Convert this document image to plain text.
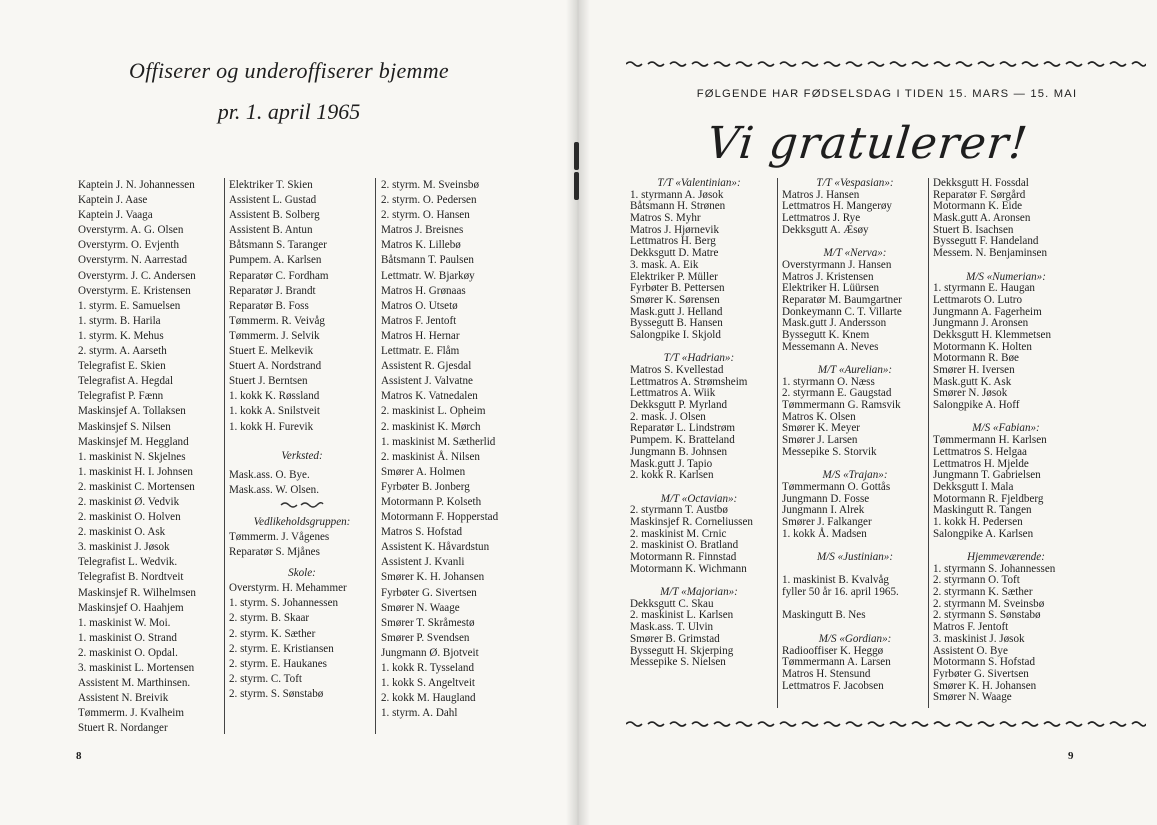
Offiserer og underoffiserer bjemme
pr. 1. april 1965
Kaptein J. N. Johannessen
Kaptein J. Aase
Kaptein J. Vaaga
Overstyrm. A. G. Olsen
Overstyrm. O. Evjenth
Overstyrm. N. Aarrestad
Overstyrm. J. C. Andersen
Overstyrm. E. Kristensen
1. styrm. E. Samuelsen
1. styrm. B. Harila
1. styrm. K. Mehus
2. styrm. A. Aarseth
Telegrafist E. Skien
Telegrafist A. Hegdal
Telegrafist P. Fænn
Maskinsjef A. Tollaksen
Maskinsjef S. Nilsen
Maskinsjef M. Heggland
1. maskinist N. Skjelnes
1. maskinist H. I. Johnsen
2. maskinist C. Mortensen
2. maskinist Ø. Vedvik
2. maskinist O. Holven
2. maskinist O. Ask
3. maskinist J. Jøsok
Telegrafist L. Wedvik.
Telegrafist B. Nordtveit
Maskinsjef R. Wilhelmsen
Maskinsjef O. Haahjem
1. maskinist W. Moi.
1. maskinist O. Strand
2. maskinist O. Opdal.
3. maskinist L. Mortensen
Assistent M. Marthinsen.
Assistent N. Breivik
Tømmerm. J. Kvalheim
Stuert R. Nordanger
Elektriker T. Skien
Assistent L. Gustad
Assistent B. Solberg
Assistent B. Antun
Båtsmann S. Taranger
Pumpem. A. Karlsen
Reparatør C. Fordham
Reparatør J. Brandt
Reparatør B. Foss
Tømmerm. R. Veivåg
Tømmerm. J. Selvik
Stuert E. Melkevik
Stuert A. Nordstrand
Stuert J. Berntsen
1. kokk K. Røssland
1. kokk A. Snilstveit
1. kokk H. Furevik
Verksted:
Mask.ass. O. Bye.
Mask.ass. W. Olsen.
Vedlikeholdsgruppen:
Tømmerm. J. Vågenes
Reparatør S. Mjånes
Skole:
Overstyrm. H. Mehammer
1. styrm. S. Johannessen
2. styrm. B. Skaar
2. styrm. K. Sæther
2. styrm. E. Kristiansen
2. styrm. E. Haukanes
2. styrm. C. Toft
2. styrm. S. Sønstabø
2. styrm. M. Sveinsbø
2. styrm. O. Pedersen
2. styrm. O. Hansen
Matros J. Breisnes
Matros K. Lillebø
Båtsmann T. Paulsen
Lettmatr. W. Bjarkøy
Matros H. Grønaas
Matros O. Utsetø
Matros F. Jentoft
Matros H. Hernar
Lettmatr. E. Flåm
Assistent R. Gjesdal
Assistent J. Valvatne
Matros K. Vatnedalen
2. maskinist L. Opheim
2. maskinist K. Mørch
1. maskinist M. Sætherlid
2. maskinist Å. Nilsen
Smører A. Holmen
Fyrbøter B. Jonberg
Motormann P. Kolseth
Motormann F. Hopperstad
Matros S. Hofstad
Assistent K. Håvardstun
Assistent J. Kvanli
Smører K. H. Johansen
Fyrbøter G. Sivertsen
Smører N. Waage
Smører T. Skråmestø
Smører P. Svendsen
Jungmann Ø. Bjotveit
1. kokk R. Tysseland
1. kokk S. Angeltveit
2. kokk M. Haugland
1. styrm. A. Dahl
8
FØLGENDE HAR FØDSELSDAG I TIDEN 15. MARS — 15. MAI
Vi gratulerer!
T/T «Valentinian»:
1. styrmann A. Jøsok
Båtsmann H. Strønen
Matros S. Myhr
Matros J. Hjørnevik
Lettmatros H. Berg
Dekksgutt D. Matre
3. mask. A. Eik
Elektriker P. Müller
Fyrbøter B. Pettersen
Smører K. Sørensen
Mask.gutt J. Helland
Byssegutt B. Hansen
Salongpike I. Skjold
T/T «Hadrian»:
Matros S. Kvellestad
Lettmatros A. Strømsheim
Lettmatros A. Wiik
Dekksgutt P. Myrland
2. mask. J. Olsen
Reparatør L. Lindstrøm
Pumpem. K. Bratteland
Jungmann B. Johnsen
Mask.gutt J. Tapio
2. kokk R. Karlsen
M/T «Octavian»:
2. styrmann T. Austbø
Maskinsjef R. Corneliussen
2. maskinist M. Crnic
2. maskinist O. Bratland
Motormann R. Finnstad
Motormann K. Wichmann
M/T «Majorian»:
Dekksgutt C. Skau
2. maskinist L. Karlsen
Mask.ass. T. Ulvin
Smører B. Grimstad
Byssegutt H. Skjerping
Messepike S. Nielsen
T/T «Vespasian»:
Matros J. Hansen
Lettmatros H. Mangerøy
Lettmatros J. Rye
Dekksgutt A. Æsøy
M/T «Nerva»:
Overstyrmann J. Hansen
Matros J. Kristensen
Elektriker H. Lüürsen
Reparatør M. Baumgartner
Donkeymann C. T. Villarte
Mask.gutt J. Andersson
Byssegutt K. Knem
Messemann A. Neves
M/T «Aurelian»:
1. styrmann O. Næss
2. styrmann E. Gaugstad
Tømmermann G. Ramsvik
Matros K. Olsen
Smører K. Meyer
Smører J. Larsen
Messepike S. Storvik
M/S «Trajan»:
Tømmermann O. Gottås
Jungmann D. Fosse
Jungmann I. Alrek
Smører J. Falkanger
1. kokk Å. Madsen
M/S «Justinian»:
1. maskinist B. Kvalvåg
fyller 50 år 16. april 1965.
Maskingutt B. Nes
M/S «Gordian»:
Radiooffiser K. Heggø
Tømmermann A. Larsen
Matros H. Stensund
Lettmatros F. Jacobsen
Dekksgutt H. Fossdal
Reparatør F. Sørgård
Motormann K. Eide
Mask.gutt A. Aronsen
Stuert B. Isachsen
Byssegutt F. Handeland
Messem. N. Benjaminsen
M/S «Numerian»:
1. styrmann E. Haugan
Lettmarots O. Lutro
Jungmann A. Fagerheim
Jungmann J. Aronsen
Dekksgutt H. Klemmetsen
Motormann K. Holten
Motormann R. Bøe
Smører H. Iversen
Mask.gutt K. Ask
Smører N. Jøsok
Salongpike A. Hoff
M/S «Fabian»:
Tømmermann H. Karlsen
Lettmatros S. Helgaa
Lettmatros H. Mjelde
Jungmann T. Gabrielsen
Dekksgutt I. Mala
Motormann R. Fjeldberg
Maskingutt R. Tangen
1. kokk H. Pedersen
Salongpike A. Karlsen
Hjemmeværende:
1. styrmann S. Johannessen
2. styrmann O. Toft
2. styrmann K. Sæther
2. styrmann M. Sveinsbø
2. styrmann S. Sønstabø
Matros F. Jentoft
3. maskinist J. Jøsok
Assistent O. Bye
Motormann S. Hofstad
Fyrbøter G. Sivertsen
Smører K. H. Johansen
Smører N. Waage
9
